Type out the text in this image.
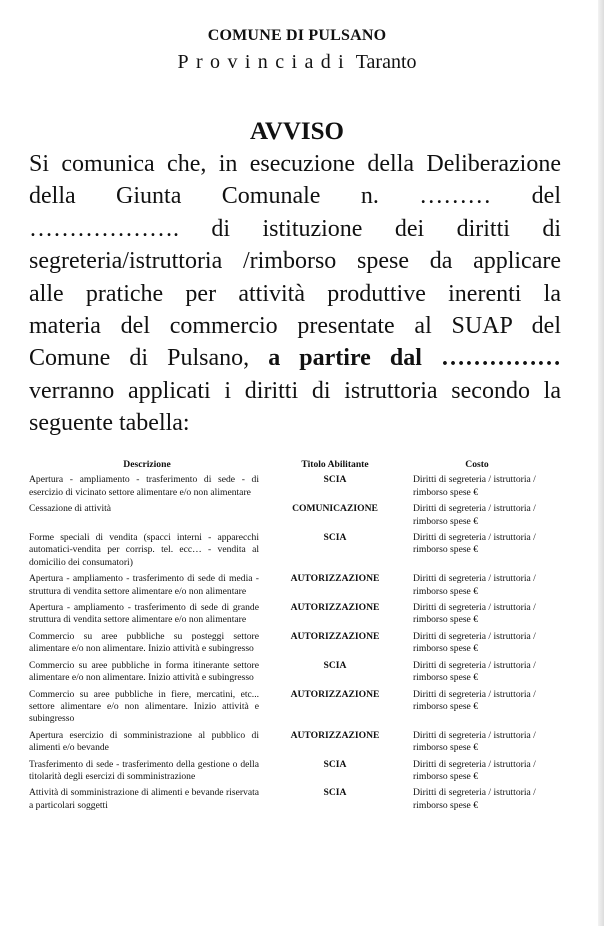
COMUNE DI PULSANO
Provinciadi Taranto
AVVISO
Si comunica che, in esecuzione della Deliberazione
della Giunta Comunale n. ……… del
………………. di istituzione dei diritti di
segreteria/istruttoria /rimborso spese da applicare
alle pratiche per attività produttive inerenti la
materia del commercio presentate al SUAP del
Comune di Pulsano, a partire dal ……………
verranno applicati i diritti di istruttoria secondo la
seguente tabella:
Descrizione	Titolo Abilitante	Costo
Apertura - ampliamento - trasferimento di sede - di esercizio di vicinato settore alimentare e/o non alimentare	SCIA	Diritti di segreteria / istruttoria /
rimborso spese €

Cessazione di attività	COMUNICAZIONE	Diritti di segreteria / istruttoria /
rimborso spese €

Forme speciali di vendita (spacci interni - apparecchi automatici-vendita per corrisp. tel. ecc… - vendita al domicilio dei consumatori)	SCIA	Diritti di segreteria / istruttoria /
rimborso spese €

Apertura - ampliamento - trasferimento di sede di media - struttura di vendita settore alimentare e/o non alimentare	AUTORIZZAZIONE	Diritti di segreteria / istruttoria /
rimborso spese €

Apertura - ampliamento - trasferimento di sede di grande struttura di vendita settore alimentare e/o non alimentare	AUTORIZZAZIONE	Diritti di segreteria / istruttoria /
rimborso spese €

Commercio su aree pubbliche su posteggi settore alimentare e/o non alimentare. Inizio attività e subingresso	AUTORIZZAZIONE	Diritti di segreteria / istruttoria /
rimborso spese €

Commercio su aree pubbliche in forma itinerante settore alimentare e/o non alimentare. Inizio attività e subingresso	SCIA	Diritti di segreteria / istruttoria /
rimborso spese €

Commercio su aree pubbliche in fiere, mercatini, etc... settore alimentare e/o non alimentare. Inizio attività e subingresso	AUTORIZZAZIONE	Diritti di segreteria / istruttoria /
rimborso spese €

Apertura esercizio di somministrazione al pubblico di alimenti e/o bevande	AUTORIZZAZIONE	Diritti di segreteria / istruttoria /
rimborso spese €

Trasferimento di sede - trasferimento della gestione o della titolarità degli esercizi di somministrazione	SCIA	Diritti di segreteria / istruttoria /
rimborso spese €

Attività di somministrazione di alimenti e bevande riservata a particolari soggetti	SCIA	Diritti di segreteria / istruttoria /
rimborso spese €
